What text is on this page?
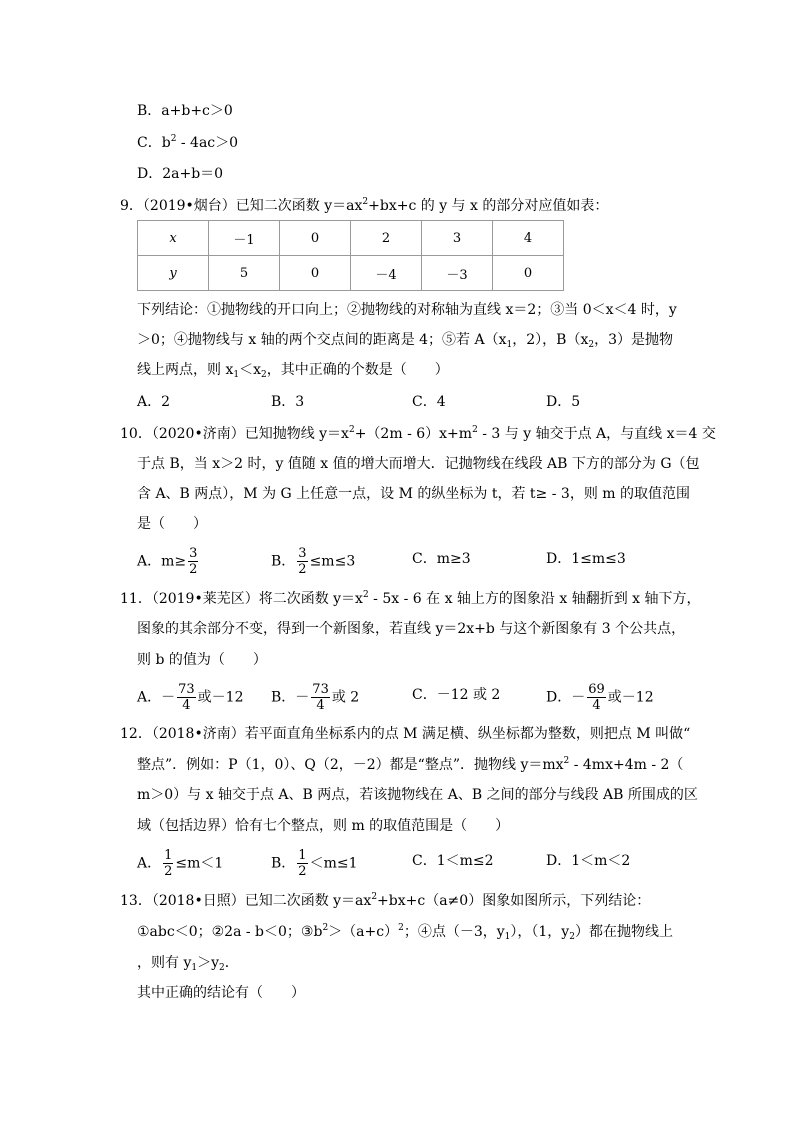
B．a+b+c＞0
C．$b^2 - 4ac>0$
D．2a+b＝0
9．（2019•烟台）已知二次函数 $y=ax^2+bx+c$ 的 y 与 x 的部分对应值如表：
x	－1	0	2	3	4
y	5	0	－4	－3	0
下列结论：①抛物线的开口向上；②抛物线的对称轴为直线 x＝2；③当 0＜x＜4 时，y
＞0；④抛物线与 x 轴的两个交点间的距离是 4；⑤若 $A(x_1$，2），$B(x_2$，3）是抛物
线上两点，则 $x_1<x_2$，其中正确的个数是（　　）
A．2	B．3	C．4	D．5
10．（2020•济南）已知抛物线 $y=x^2+(2m - 6)x+m^2 - 3$ 与 y 轴交于点 A，与直线 x＝4 交
于点 B，当 x＞2 时，y 值随 x 值的增大而增大．记抛物线在线段 AB 下方的部分为 G（包
含 A、B 两点），M 为 G 上任意一点，设 M 的纵坐标为 t，若 t≥ - 3，则 m 的取值范围
是（　　）
A．$m\ge \frac{3}{2}$	B． $\frac{3}{2} \le m\le 3$	C．m≥3	D．1≤m≤3
11．（2019•莱芜区）将二次函数 $y=x^2 - 5x - 6$ 在 x 轴上方的图象沿 x 轴翻折到 x 轴下方，
图象的其余部分不变，得到一个新图象，若直线 y＝2x+b 与这个新图象有 3 个公共点，
则 b 的值为（　　）
A．－ $\frac{73}{4}$ 或－12 B．－ $\frac{73}{4}$ 或 2	C．－12 或 2	D．－ $\frac{69}{4}$ 或－12
12．（2018•济南）若平面直角坐标系内的点 M 满足横、纵坐标都为整数，则把点 M 叫做“
整点”．例如：P（1，0）、Q（2，－2）都是“整点”．抛物线 $y=mx^2 - 4mx+4m - 2$（
m＞0）与 x 轴交于点 A、B 两点，若该抛物线在 A、B 之间的部分与线段 AB 所围成的区
域（包括边界）恰有七个整点，则 m 的取值范围是（　　）
A． $\frac{1}{2} \le m<1$	B． $\frac{1}{2} <m\le 1$	C．1＜m≤2	D．1＜m＜2
13．（2018•日照）已知二次函数 $y=ax^2+bx+c(a\ne 0)$图象如图所示，下列结论：
①abc＜0；②2a - b＜0；$③b^2>(a+c)^2$；④点（－3，$y_1$），（1，$y_2$）都在抛物线上
，则有 $y_1>y_2$．
其中正确的结论有（　　）
